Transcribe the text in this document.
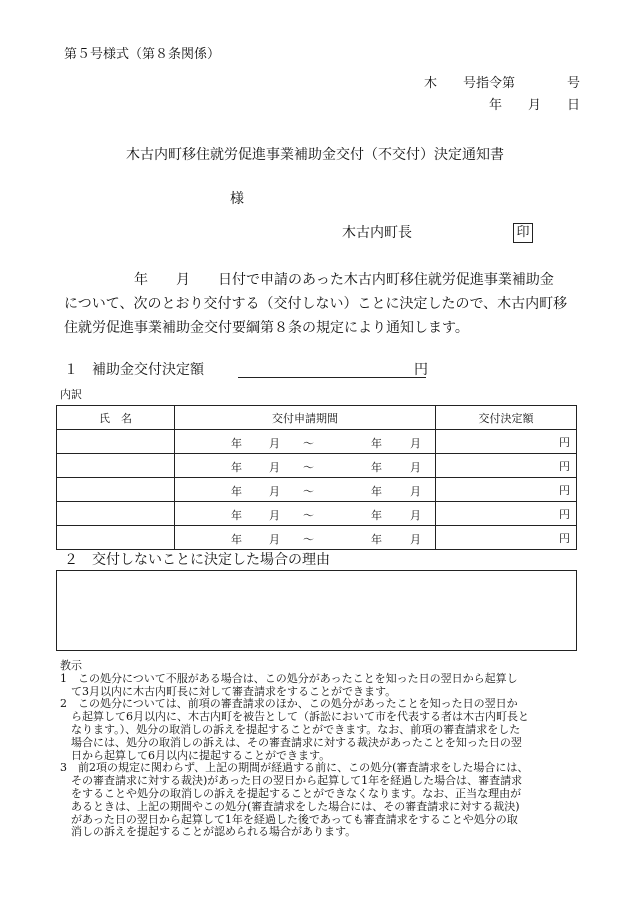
第５号様式（第８条関係）
木　　号指令第　　　　号
年　　月　　日
木古内町移住就労促進事業補助金交付（不交付）決定通知書
様
木古内町長	印
年　　月　　日付で申請のあった木古内町移住就労促進事業補助金
について、次のとおり交付する（交付しない）ことに決定したので、木古内町移
住就労促進事業補助金交付要綱第８条の規定により通知します。
１　補助金交付決定額	円
内訳
氏　名	交付申請期間	交付決定額

	年 月 ～ 年 月	円

	年 月 ～ 年 月	円

	年 月 ～ 年 月	円

	年 月 ～ 年 月	円

	年 月 ～ 年 月	円
２　交付しないことに決定した場合の理由
教示
1　この処分について不服がある場合は、この処分があったことを知った日の翌日から起算し
　て3月以内に木古内町長に対して審査請求をすることができます。
2　この処分については、前項の審査請求のほか、この処分があったことを知った日の翌日か
　ら起算して6月以内に、木古内町を被告として（訴訟において市を代表する者は木古内町長と
　なります。）、処分の取消しの訴えを提起することができます。なお、前項の審査請求をした
　場合には、処分の取消しの訴えは、その審査請求に対する裁決があったことを知った日の翌
　日から起算して6月以内に提起することができます。
3　前2項の規定に関わらず、上記の期間が経過する前に、この処分(審査請求をした場合には、
　その審査請求に対する裁決)があった日の翌日から起算して1年を経過した場合は、審査請求
　をすることや処分の取消しの訴えを提起することができなくなります。なお、正当な理由が
　あるときは、上記の期間やこの処分(審査請求をした場合には、その審査請求に対する裁決)
　があった日の翌日から起算して1年を経過した後であっても審査請求をすることや処分の取
　消しの訴えを提起することが認められる場合があります。
